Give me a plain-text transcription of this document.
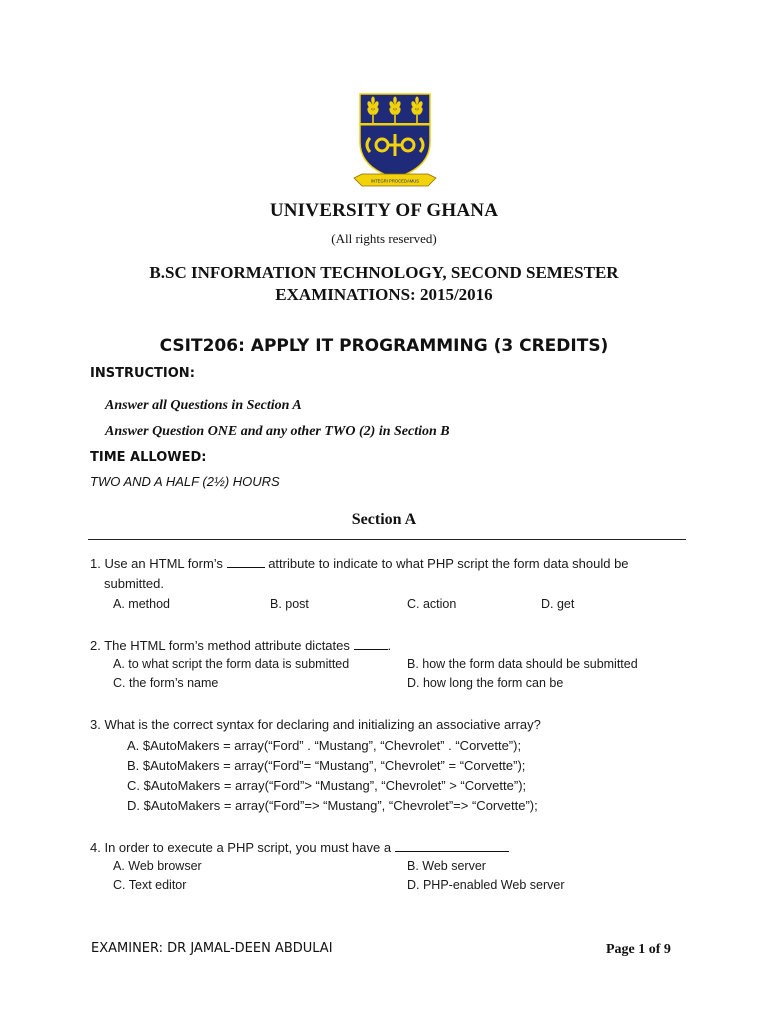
INTEGRI PROCEDAMUS
UNIVERSITY OF GHANA
(All rights reserved)
B.SC INFORMATION TECHNOLOGY, SECOND SEMESTER
EXAMINATIONS: 2015/2016
CSIT206: APPLY IT PROGRAMMING (3 CREDITS)
INSTRUCTION:
Answer all Questions in Section A
Answer Question ONE and any other TWO (2) in Section B
TIME ALLOWED:
TWO AND A HALF (2½) HOURS
Section A
1. Use an HTML form’s	attribute to indicate to what PHP script the form data should be
submitted.
A. method	B. post	C. action	D. get
2. The HTML form’s method attribute dictates	.
A. to what script the form data is submitted	B. how the form data should be submitted
C. the form’s name	D. how long the form can be
3. What is the correct syntax for declaring and initializing an associative array?
A. $AutoMakers = array(“Ford” . “Mustang”, “Chevrolet” . “Corvette”);
B. $AutoMakers = array(“Ford”= “Mustang”, “Chevrolet” = “Corvette”);
C. $AutoMakers = array(“Ford”> “Mustang”, “Chevrolet” > “Corvette”);
D. $AutoMakers = array(“Ford”=> “Mustang”, “Chevrolet”=> “Corvette”);
4. In order to execute a PHP script, you must have a
A. Web browser	B. Web server
C. Text editor	D. PHP-enabled Web server
EXAMINER: DR JAMAL-DEEN ABDULAI	Page 1 of 9
